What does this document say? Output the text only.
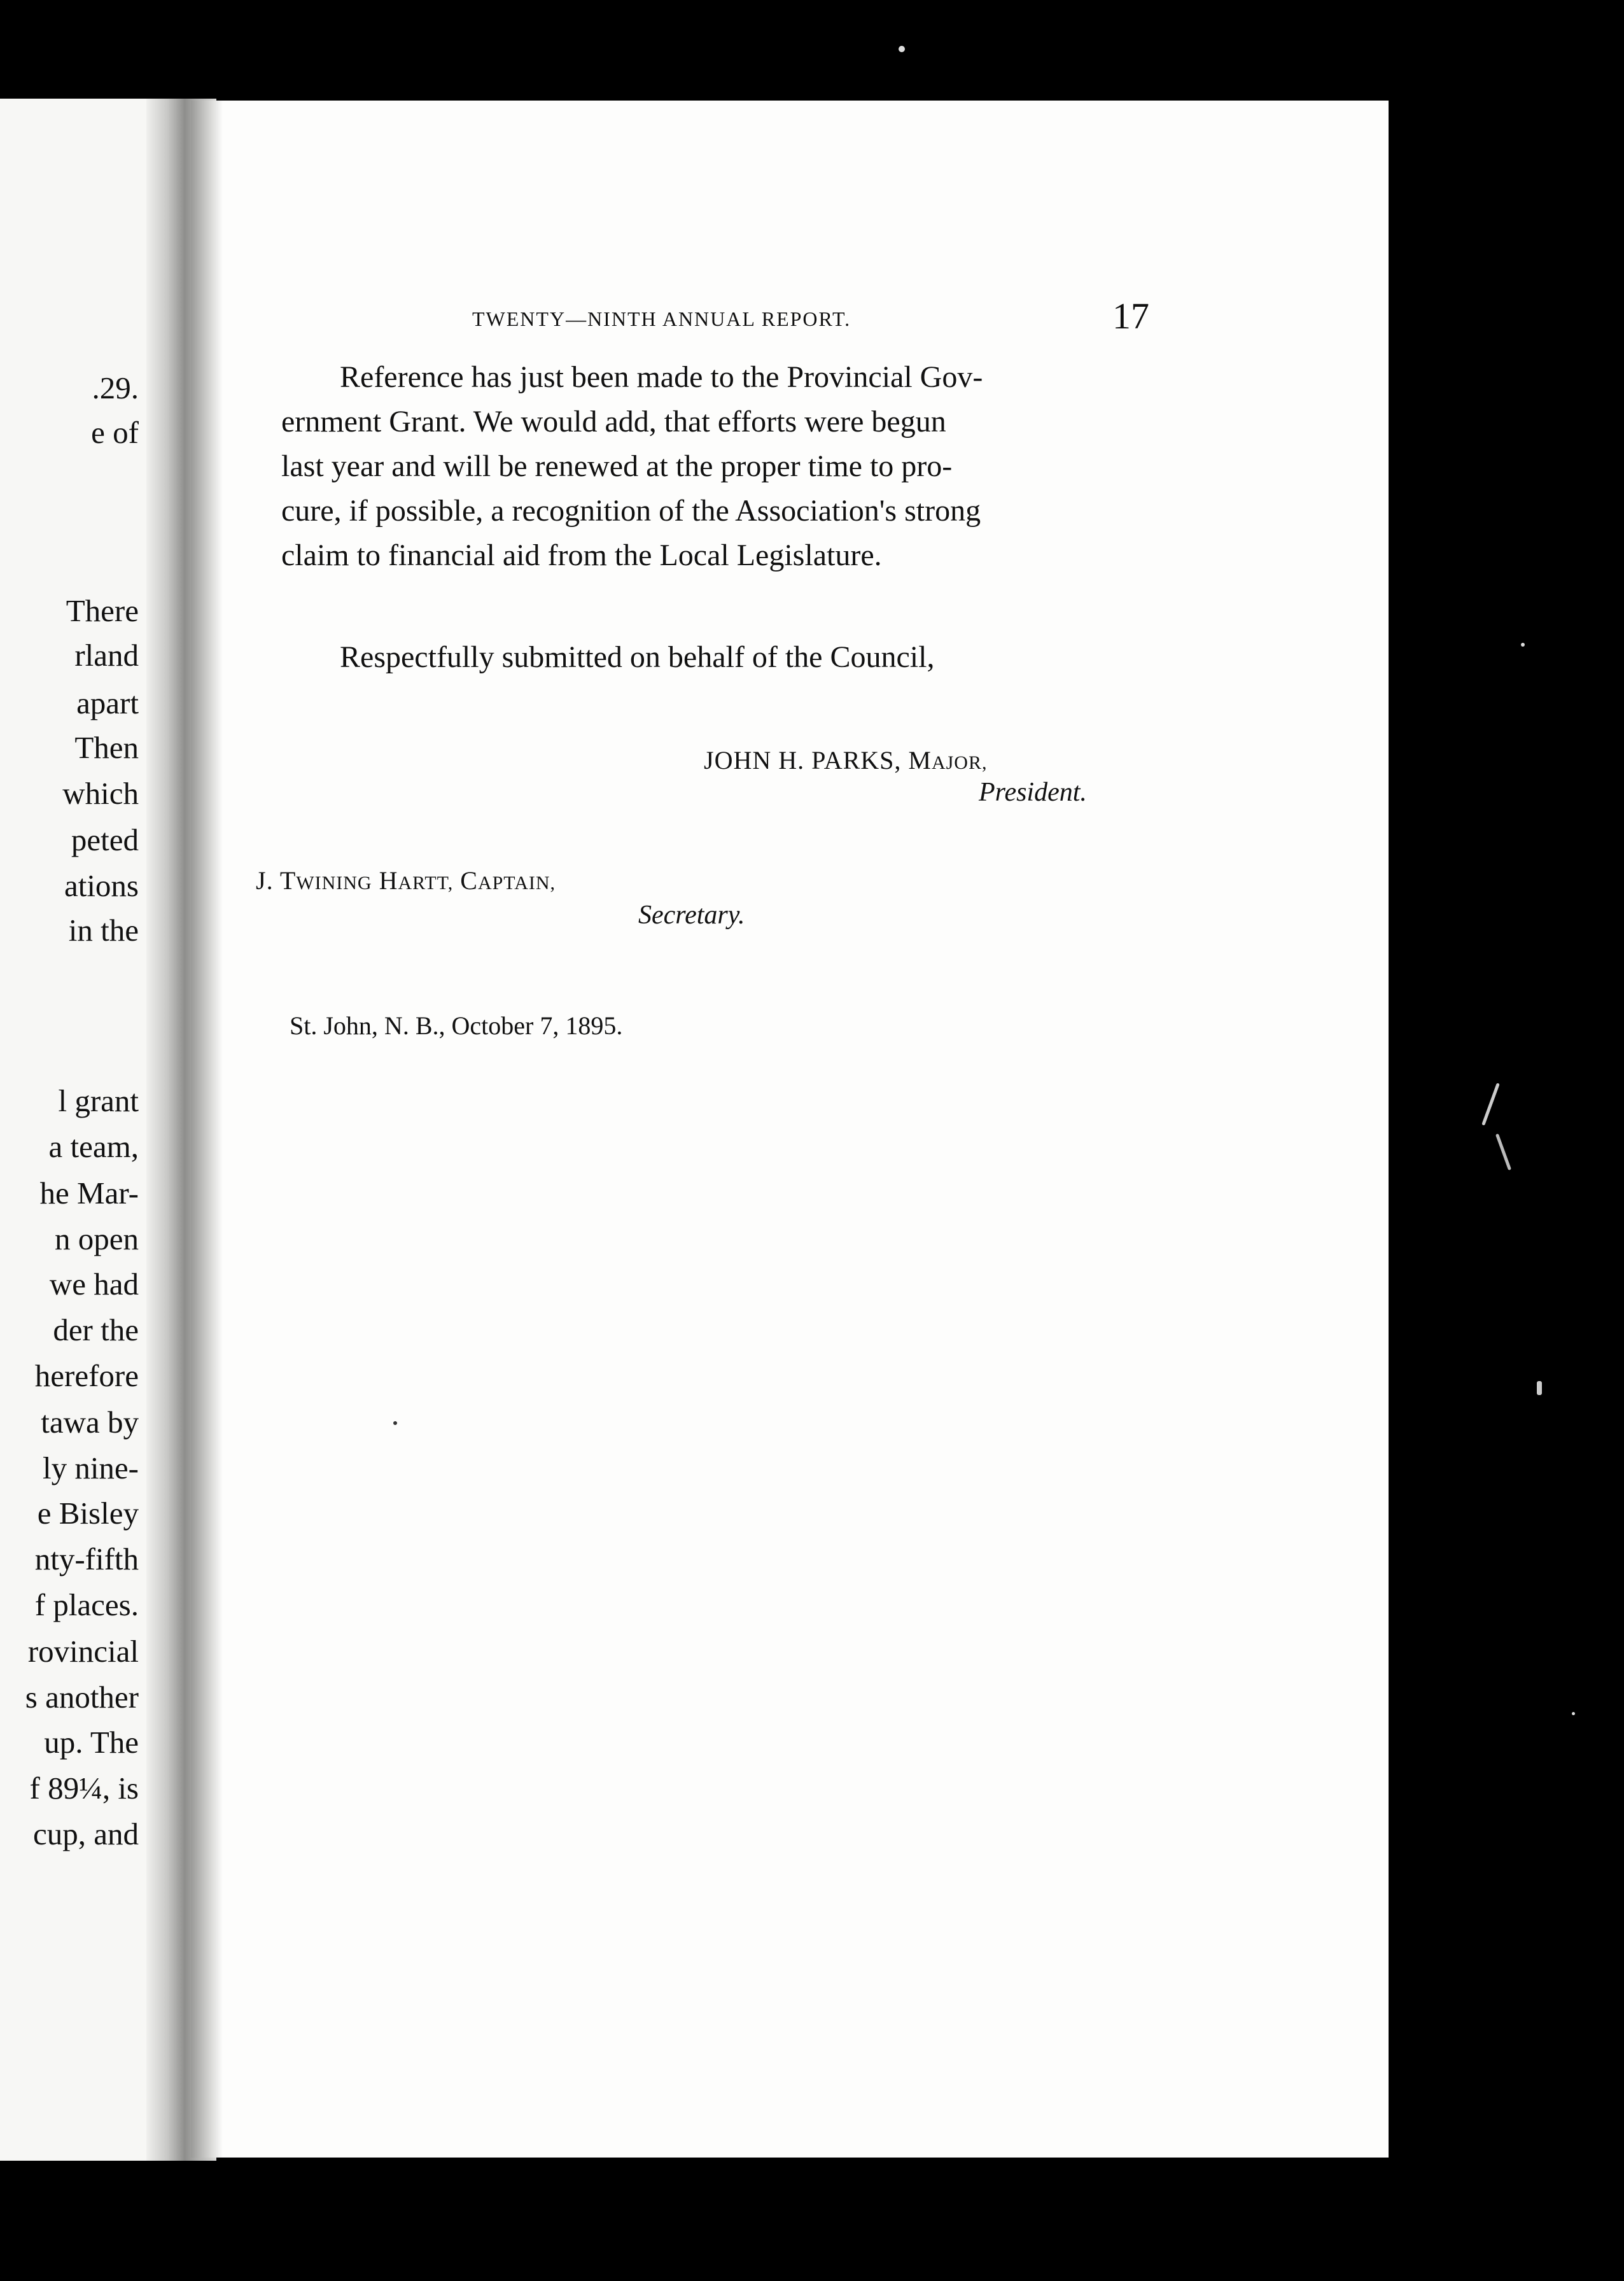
.29.
e of
There
rland
apart
Then
which
peted
ations
in the
l grant
a team,
he Mar-
n open
we had
der the
herefore
tawa by
ly nine-
e Bisley
nty-fifth
f places.
rovincial
s another
up. The
f 89¼, is
cup, and
TWENTY—NINTH ANNUAL REPORT.	17
Reference has just been made to the Provincial Gov-
ernment Grant. We would add, that efforts were begun
last year and will be renewed at the proper time to pro-
cure, if possible, a recognition of the Association's strong
claim to financial aid from the Local Legislature.
Respectfully submitted on behalf of the Council,
JOHN H. PARKS, MAJOR,
President.
J. TWINING HARTT, CAPTAIN,
Secretary.
St. John, N. B., October 7, 1895.
